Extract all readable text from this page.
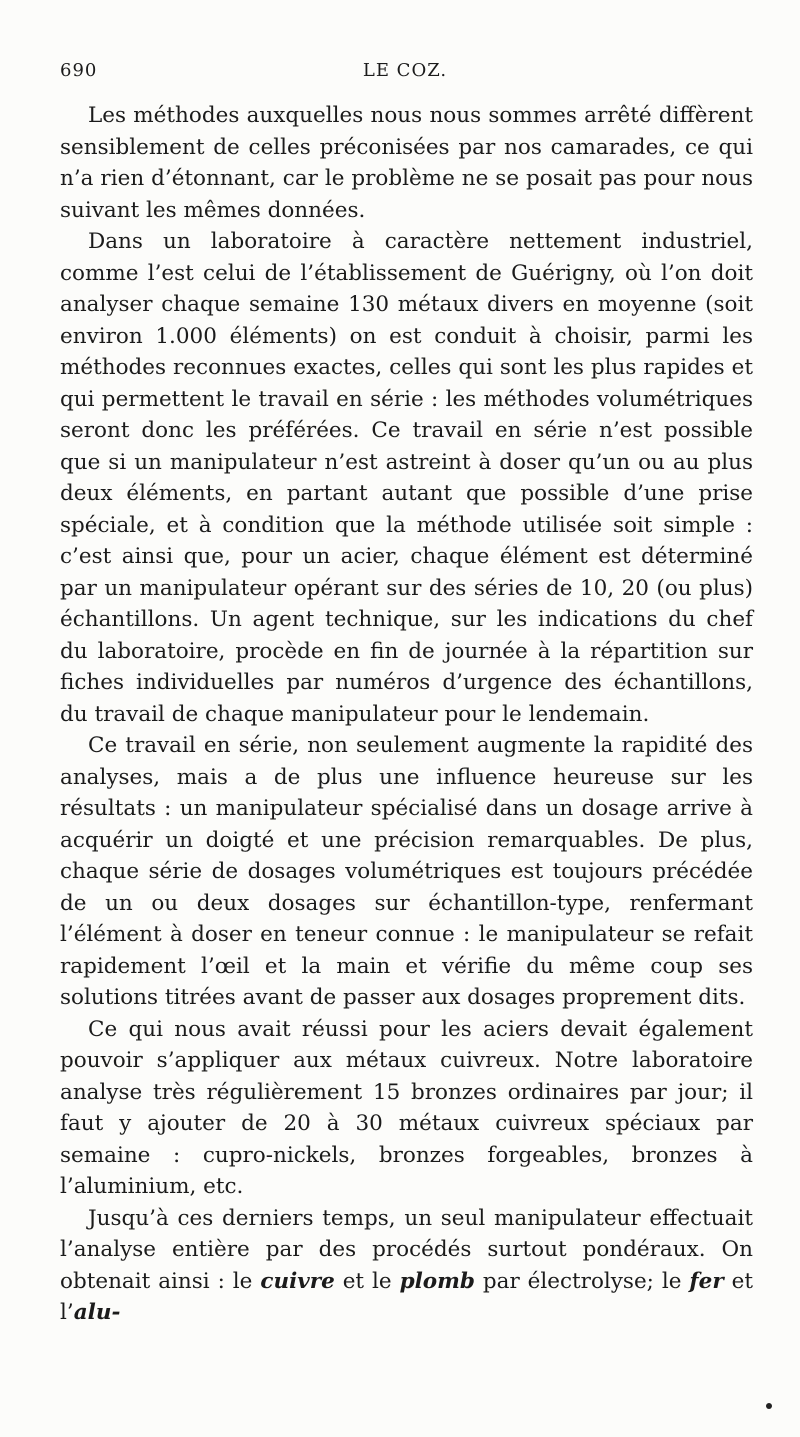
690	LE COZ.

Les méthodes auxquelles nous nous sommes arrêté diffèrent sensiblement de celles préconisées par nos camarades, ce qui n’a rien d’étonnant, car le problème ne se posait pas pour nous suivant les mêmes données.

Dans un laboratoire à caractère nettement industriel, comme l’est celui de l’établissement de Guérigny, où l’on doit analyser chaque semaine 130 métaux divers en moyenne (soit environ 1.000 éléments) on est conduit à choisir, parmi les méthodes reconnues exactes, celles qui sont les plus rapides et qui permettent le travail en série : les méthodes volumétriques seront donc les préférées. Ce travail en série n’est possible que si un manipulateur n’est astreint à doser qu’un ou au plus deux éléments, en partant autant que possible d’une prise spéciale, et à condition que la méthode utilisée soit simple : c’est ainsi que, pour un acier, chaque élément est déterminé par un manipulateur opérant sur des séries de 10, 20 (ou plus) échantillons. Un agent technique, sur les indications du chef du laboratoire, procède en fin de journée à la répartition sur fiches individuelles par numéros d’urgence des échantillons, du travail de chaque manipulateur pour le lendemain.

Ce travail en série, non seulement augmente la rapidité des analyses, mais a de plus une influence heureuse sur les résultats : un manipulateur spécialisé dans un dosage arrive à acquérir un doigté et une précision remarquables. De plus, chaque série de dosages volumétriques est toujours précédée de un ou deux dosages sur échantillon-type, renfermant l’élément à doser en teneur connue : le manipulateur se refait rapidement l’œil et la main et vérifie du même coup ses solutions titrées avant de passer aux dosages proprement dits.

Ce qui nous avait réussi pour les aciers devait également pouvoir s’appliquer aux métaux cuivreux. Notre laboratoire analyse très régulièrement 15 bronzes ordinaires par jour; il faut y ajouter de 20 à 30 métaux cuivreux spéciaux par semaine : cupro-nickels, bronzes forgeables, bronzes à l’aluminium, etc.

Jusqu’à ces derniers temps, un seul manipulateur effectuait l’analyse entière par des procédés surtout pondéraux. On obtenait ainsi : le cuivre et le plomb par électrolyse; le fer et l’alu-
